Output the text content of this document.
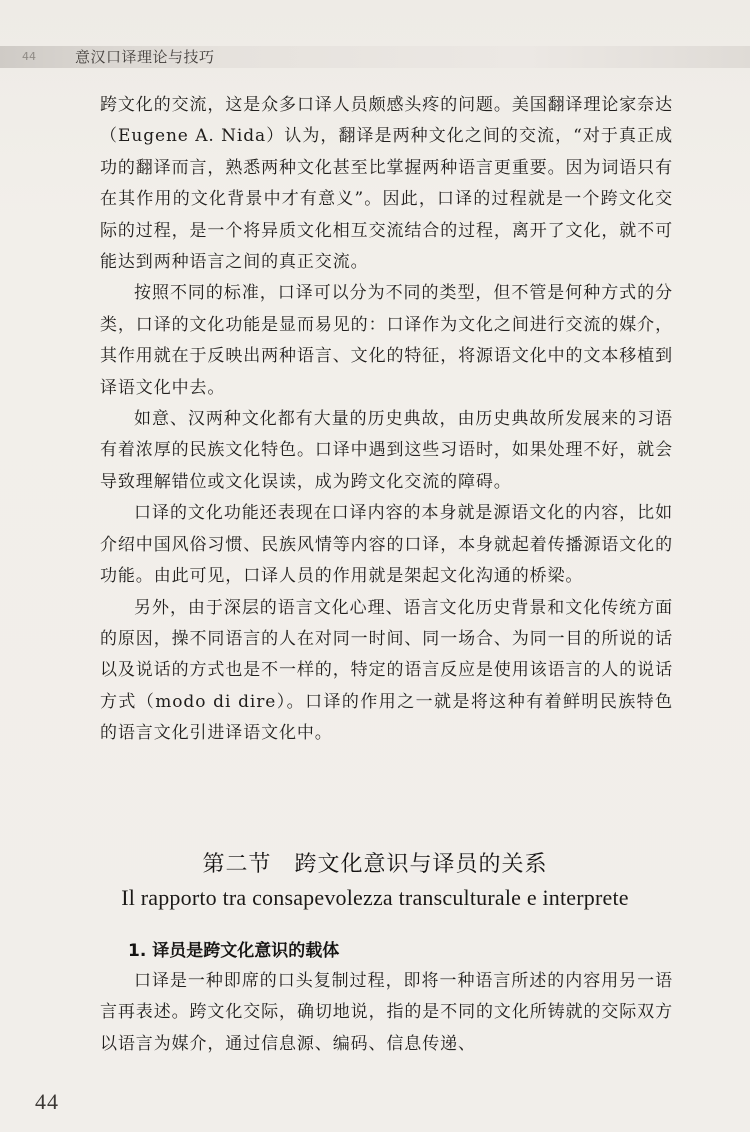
44	意汉口译理论与技巧

跨文化的交流，这是众多口译人员颇感头疼的问题。美国翻译理论家奈达（Eugene A. Nida）认为，翻译是两种文化之间的交流，“对于真正成功的翻译而言，熟悉两种文化甚至比掌握两种语言更重要。因为词语只有在其作用的文化背景中才有意义”。因此，口译的过程就是一个跨文化交际的过程，是一个将异质文化相互交流结合的过程，离开了文化，就不可能达到两种语言之间的真正交流。

按照不同的标准，口译可以分为不同的类型，但不管是何种方式的分类，口译的文化功能是显而易见的：口译作为文化之间进行交流的媒介，其作用就在于反映出两种语言、文化的特征，将源语文化中的文本移植到译语文化中去。

如意、汉两种文化都有大量的历史典故，由历史典故所发展来的习语有着浓厚的民族文化特色。口译中遇到这些习语时，如果处理不好，就会导致理解错位或文化误读，成为跨文化交流的障碍。

口译的文化功能还表现在口译内容的本身就是源语文化的内容，比如介绍中国风俗习惯、民族风情等内容的口译，本身就起着传播源语文化的功能。由此可见，口译人员的作用就是架起文化沟通的桥梁。

另外，由于深层的语言文化心理、语言文化历史背景和文化传统方面的原因，操不同语言的人在对同一时间、同一场合、为同一目的所说的话以及说话的方式也是不一样的，特定的语言反应是使用该语言的人的说话方式（modo di dire）。口译的作用之一就是将这种有着鲜明民族特色的语言文化引进译语文化中。

第二节　跨文化意识与译员的关系
Il rapporto tra consapevolezza transculturale e interprete
1. 译员是跨文化意识的载体

口译是一种即席的口头复制过程，即将一种语言所述的内容用另一语言再表述。跨文化交际，确切地说，指的是不同的文化所铸就的交际双方以语言为媒介，通过信息源、编码、信息传递、

44
